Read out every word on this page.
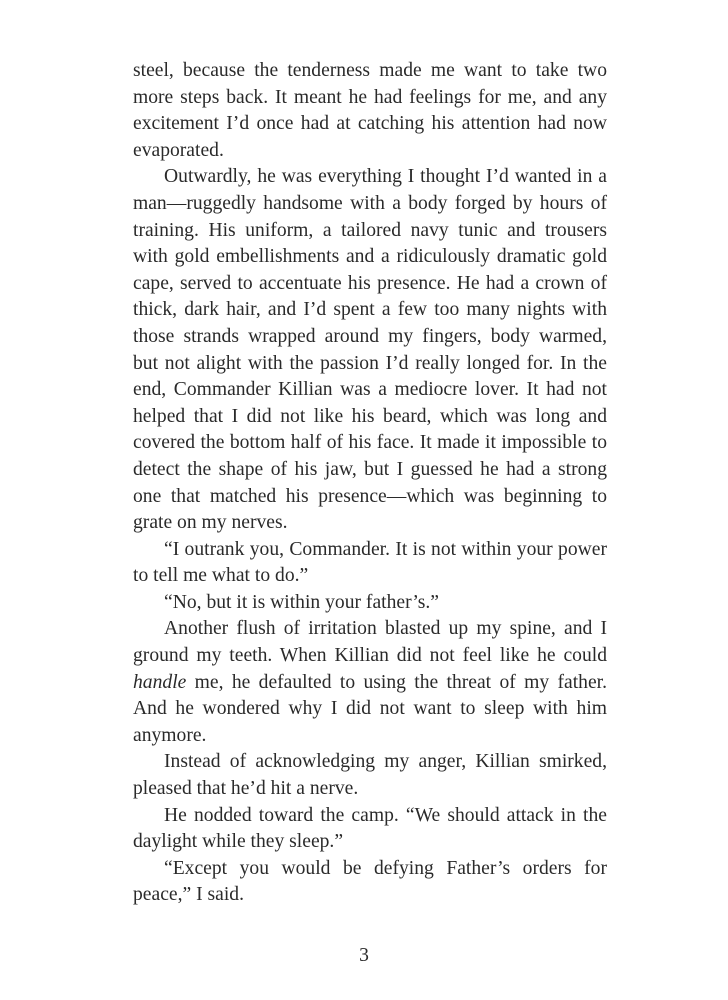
steel, because the tenderness made me want to take two more steps back. It meant he had feelings for me, and any excitement I’d once had at catching his attention had now evaporated.

Outwardly, he was everything I thought I’d wanted in a man—ruggedly handsome with a body forged by hours of training. His uniform, a tailored navy tunic and trousers with gold embellishments and a ridiculously dramatic gold cape, served to accentuate his presence. He had a crown of thick, dark hair, and I’d spent a few too many nights with those strands wrapped around my fingers, body warmed, but not alight with the passion I’d really longed for. In the end, Commander Killian was a mediocre lover. It had not helped that I did not like his beard, which was long and covered the bottom half of his face. It made it impossible to detect the shape of his jaw, but I guessed he had a strong one that matched his presence—which was beginning to grate on my nerves.

“I outrank you, Commander. It is not within your power to tell me what to do.”

“No, but it is within your father’s.”

Another flush of irritation blasted up my spine, and I ground my teeth. When Killian did not feel like he could handle me, he defaulted to using the threat of my father. And he wondered why I did not want to sleep with him anymore.

Instead of acknowledging my anger, Killian smirked, pleased that he’d hit a nerve.

He nodded toward the camp. “We should attack in the daylight while they sleep.”

“Except you would be defying Father’s orders for peace,” I said.

3
